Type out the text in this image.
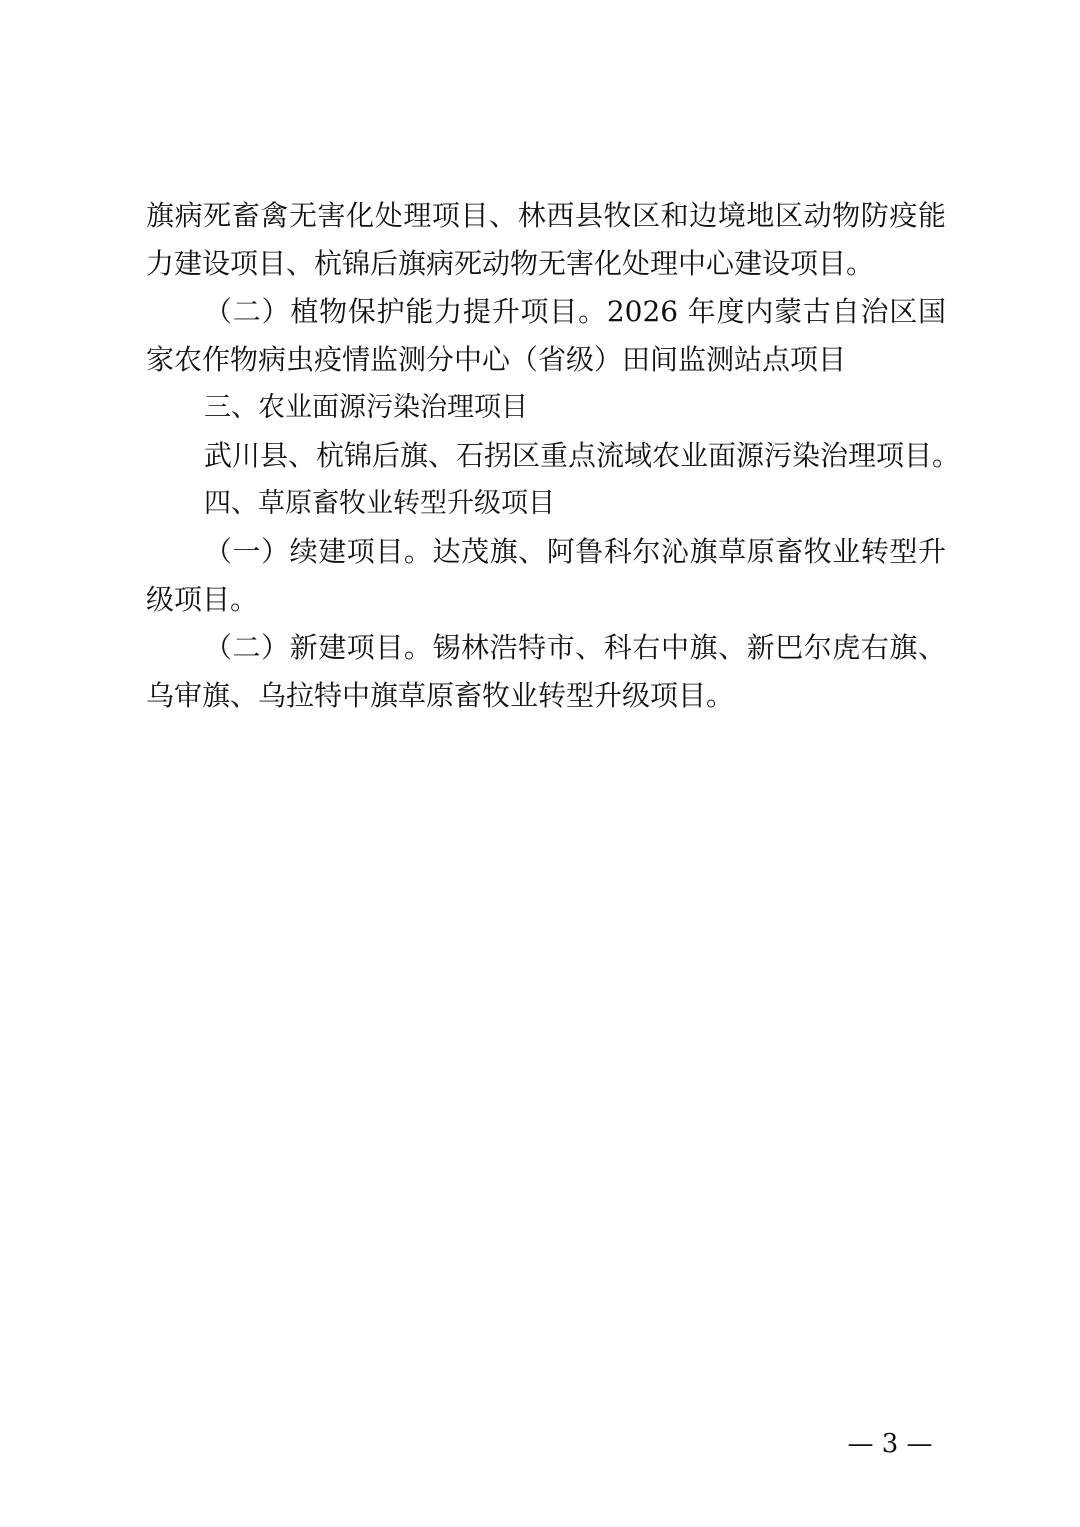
旗病死畜禽无害化处理项目、林西县牧区和边境地区动物防疫能
力建设项目、杭锦后旗病死动物无害化处理中心建设项目。
（二）植物保护能力提升项目。2026 年度内蒙古自治区国
家农作物病虫疫情监测分中心（省级）田间监测站点项目
三、农业面源污染治理项目
武川县、杭锦后旗、石拐区重点流域农业面源污染治理项目。
四、草原畜牧业转型升级项目
（一）续建项目。达茂旗、阿鲁科尔沁旗草原畜牧业转型升
级项目。
（二）新建项目。锡林浩特市、科右中旗、新巴尔虎右旗、
乌审旗、乌拉特中旗草原畜牧业转型升级项目。
— 3 —
